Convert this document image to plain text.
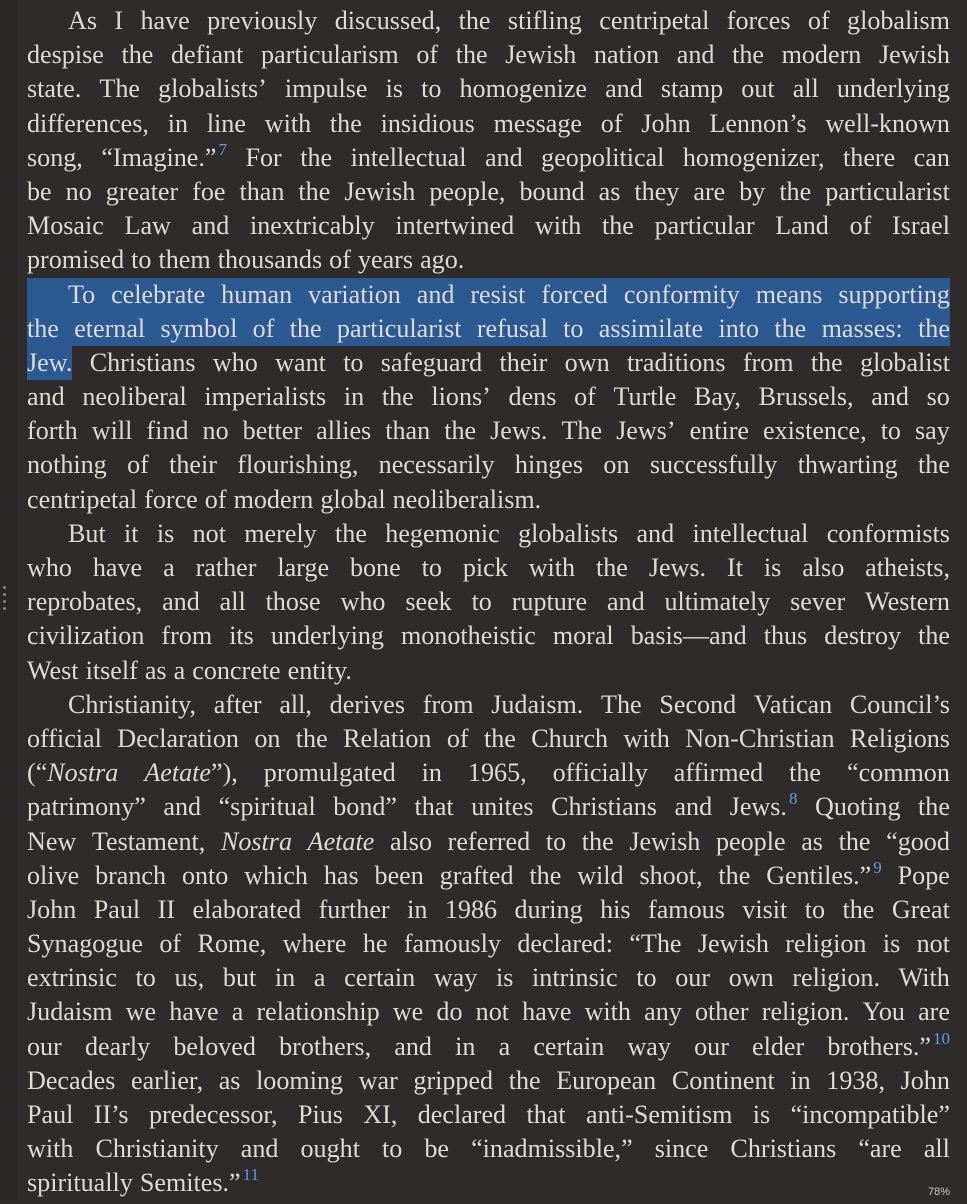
As I have previously discussed, the stifling centripetal forces of globalism
despise the defiant particularism of the Jewish nation and the modern Jewish
state. The globalists’ impulse is to homogenize and stamp out all underlying
differences, in line with the insidious message of John Lennon’s well-known
song, “Imagine.” $^7$ For the intellectual and geopolitical homogenizer, there can
be no greater foe than the Jewish people, bound as they are by the particularist
Mosaic Law and inextricably intertwined with the particular Land of Israel
promised to them thousands of years ago.
To celebrate human variation and resist forced conformity means supporting
the eternal symbol of the particularist refusal to assimilate into the masses: the
Jew. Christians who want to safeguard their own traditions from the globalist
and neoliberal imperialists in the lions’ dens of Turtle Bay, Brussels, and so
forth will find no better allies than the Jews. The Jews’ entire existence, to say
nothing of their flourishing, necessarily hinges on successfully thwarting the
centripetal force of modern global neoliberalism.
But it is not merely the hegemonic globalists and intellectual conformists
who have a rather large bone to pick with the Jews. It is also atheists,
reprobates, and all those who seek to rupture and ultimately sever Western
civilization from its underlying monotheistic moral basis—and thus destroy the
West itself as a concrete entity.
Christianity, after all, derives from Judaism. The Second Vatican Council’s
official Declaration on the Relation of the Church with Non-Christian Religions
(“Nostra Aetate”), promulgated in 1965, officially affirmed the “common
patrimony” and “spiritual bond” that unites Christians and Jews. $^8$ Quoting the
New Testament, Nostra Aetate also referred to the Jewish people as the “good
olive branch onto which has been grafted the wild shoot, the Gentiles.” $^9$ Pope
John Paul II elaborated further in 1986 during his famous visit to the Great
Synagogue of Rome, where he famously declared: “The Jewish religion is not
extrinsic to us, but in a certain way is intrinsic to our own religion. With
Judaism we have a relationship we do not have with any other religion. You are
our dearly beloved brothers, and in a certain way our elder brothers.” $^{10}$
Decades earlier, as looming war gripped the European Continent in 1938, John
Paul II’s predecessor, Pius XI, declared that anti-Semitism is “incompatible”
with Christianity and ought to be “inadmissible,” since Christians “are all
spiritually Semites.” $^{11}$
78%
